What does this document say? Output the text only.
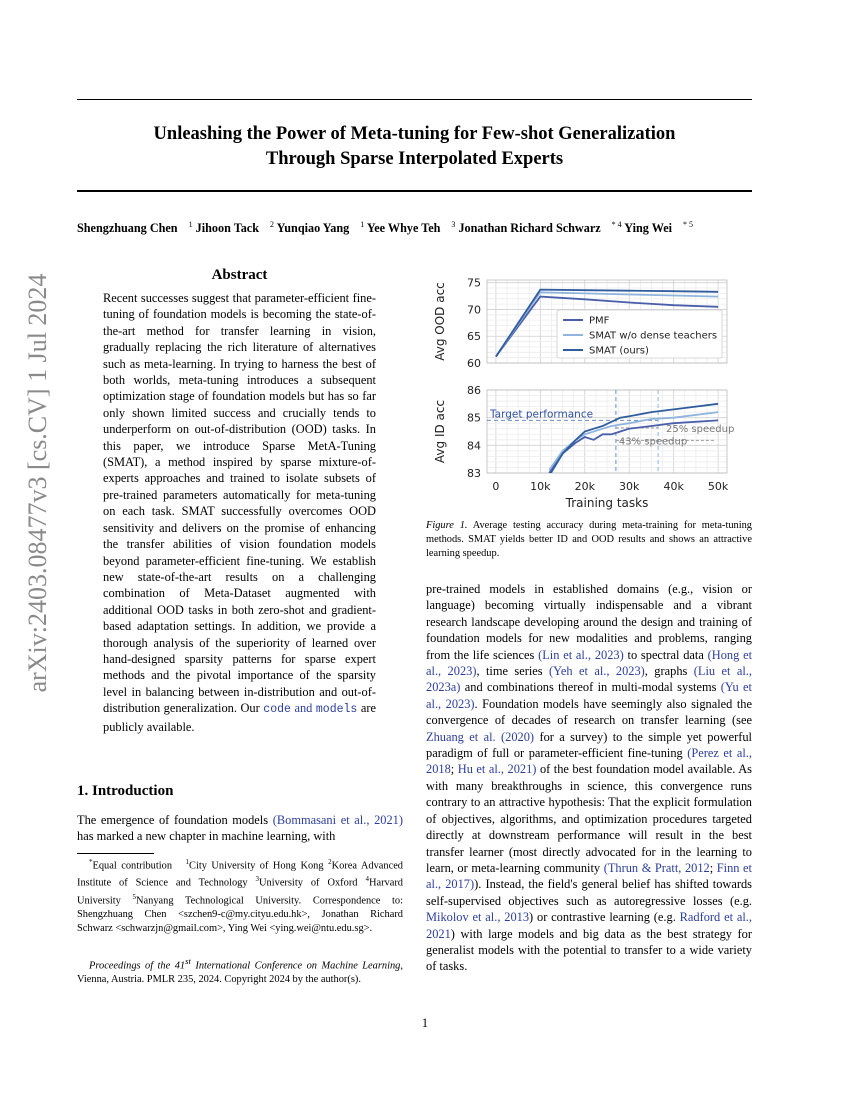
Unleashing the Power of Meta-tuning for Few-shot Generalization
Through Sparse Interpolated Experts
Shengzhuang Chen $^1$ Jihoon Tack $^2$ Yunqiao Yang $^1$ Yee Whye Teh $^3$ Jonathan Richard Schwarz $^{* 4}$ Ying Wei $^{* 5}$
arXiv:2403.08477v3 [cs.CV] 1 Jul 2024	Abstract
Recent successes suggest that parameter-efficient fine-tuning of foundation models is becoming the state-of-the-art method for transfer learning in vision, gradually replacing the rich literature of alternatives such as meta-learning. In trying to harness the best of both worlds, meta-tuning introduces a subsequent optimization stage of foundation models but has so far only shown limited success and crucially tends to underperform on out-of-distribution (OOD) tasks. In this paper, we introduce Sparse MetA-Tuning (SMAT), a method inspired by sparse mixture-of-experts approaches and trained to isolate subsets of pre-trained parameters automatically for meta-tuning on each task. SMAT successfully overcomes OOD sensitivity and delivers on the promise of enhancing the transfer abilities of vision foundation models beyond parameter-efficient fine-tuning. We establish new state-of-the-art results on a challenging combination of Meta-Dataset augmented with additional OOD tasks in both zero-shot and gradient-based adaptation settings. In addition, we provide a thorough analysis of the superiority of learned over hand-designed sparsity patterns for sparse expert methods and the pivotal importance of the sparsity level in balancing between in-distribution and out-of-distribution generalization. Our code and models are publicly available.
1. Introduction
The emergence of foundation models (Bommasani et al., 2021) has marked a new chapter in machine learning, with
*Equal contribution $^1$City University of Hong Kong $^2$Korea Advanced Institute of Science and Technology $^3$University of Oxford $^4$Harvard University $^5$Nanyang Technological University. Correspondence to: Shengzhuang Chen <szchen9-c@my.cityu.edu.hk>, Jonathan Richard Schwarz <schwarzjn@gmail.com>, Ying Wei <ying.wei@ntu.edu.sg>.
Proceedings of the 41st International Conference on Machine Learning, Vienna, Austria. PMLR 235, 2024. Copyright 2024 by the author(s).
60
65
70
75
Avg OOD acc	PMF
SMAT w/o dense teachers
SMAT (ours)
83
84
85
86
Avg ID acc	Target performance
25% speedup
43% speedup
0	10k 20k 30k 40k 50k
Training tasks
Figure 1. Average testing accuracy during meta-training for meta-tuning methods. SMAT yields better ID and OOD results and shows an attractive learning speedup.
pre-trained models in established domains (e.g., vision or language) becoming virtually indispensable and a vibrant research landscape developing around the design and training of foundation models for new modalities and problems, ranging from the life sciences (Lin et al., 2023) to spectral data (Hong et al., 2023), time series (Yeh et al., 2023), graphs (Liu et al., 2023a) and combinations thereof in multi-modal systems (Yu et al., 2023). Foundation models have seemingly also signaled the convergence of decades of research on transfer learning (see Zhuang et al. (2020) for a survey) to the simple yet powerful paradigm of full or parameter-efficient fine-tuning (Perez et al., 2018; Hu et al., 2021) of the best foundation model available. As with many breakthroughs in science, this convergence runs contrary to an attractive hypothesis: That the explicit formulation of objectives, algorithms, and optimization procedures targeted directly at downstream performance will result in the best transfer learner (most directly advocated for in the learning to learn, or meta-learning community (Thrun & Pratt, 2012; Finn et al., 2017)). Instead, the field's general belief has shifted towards self-supervised objectives such as autoregressive losses (e.g. Mikolov et al., 2013) or contrastive learning (e.g. Radford et al., 2021) with large models and big data as the best strategy for generalist models with the potential to transfer to a wide variety of tasks.
1
